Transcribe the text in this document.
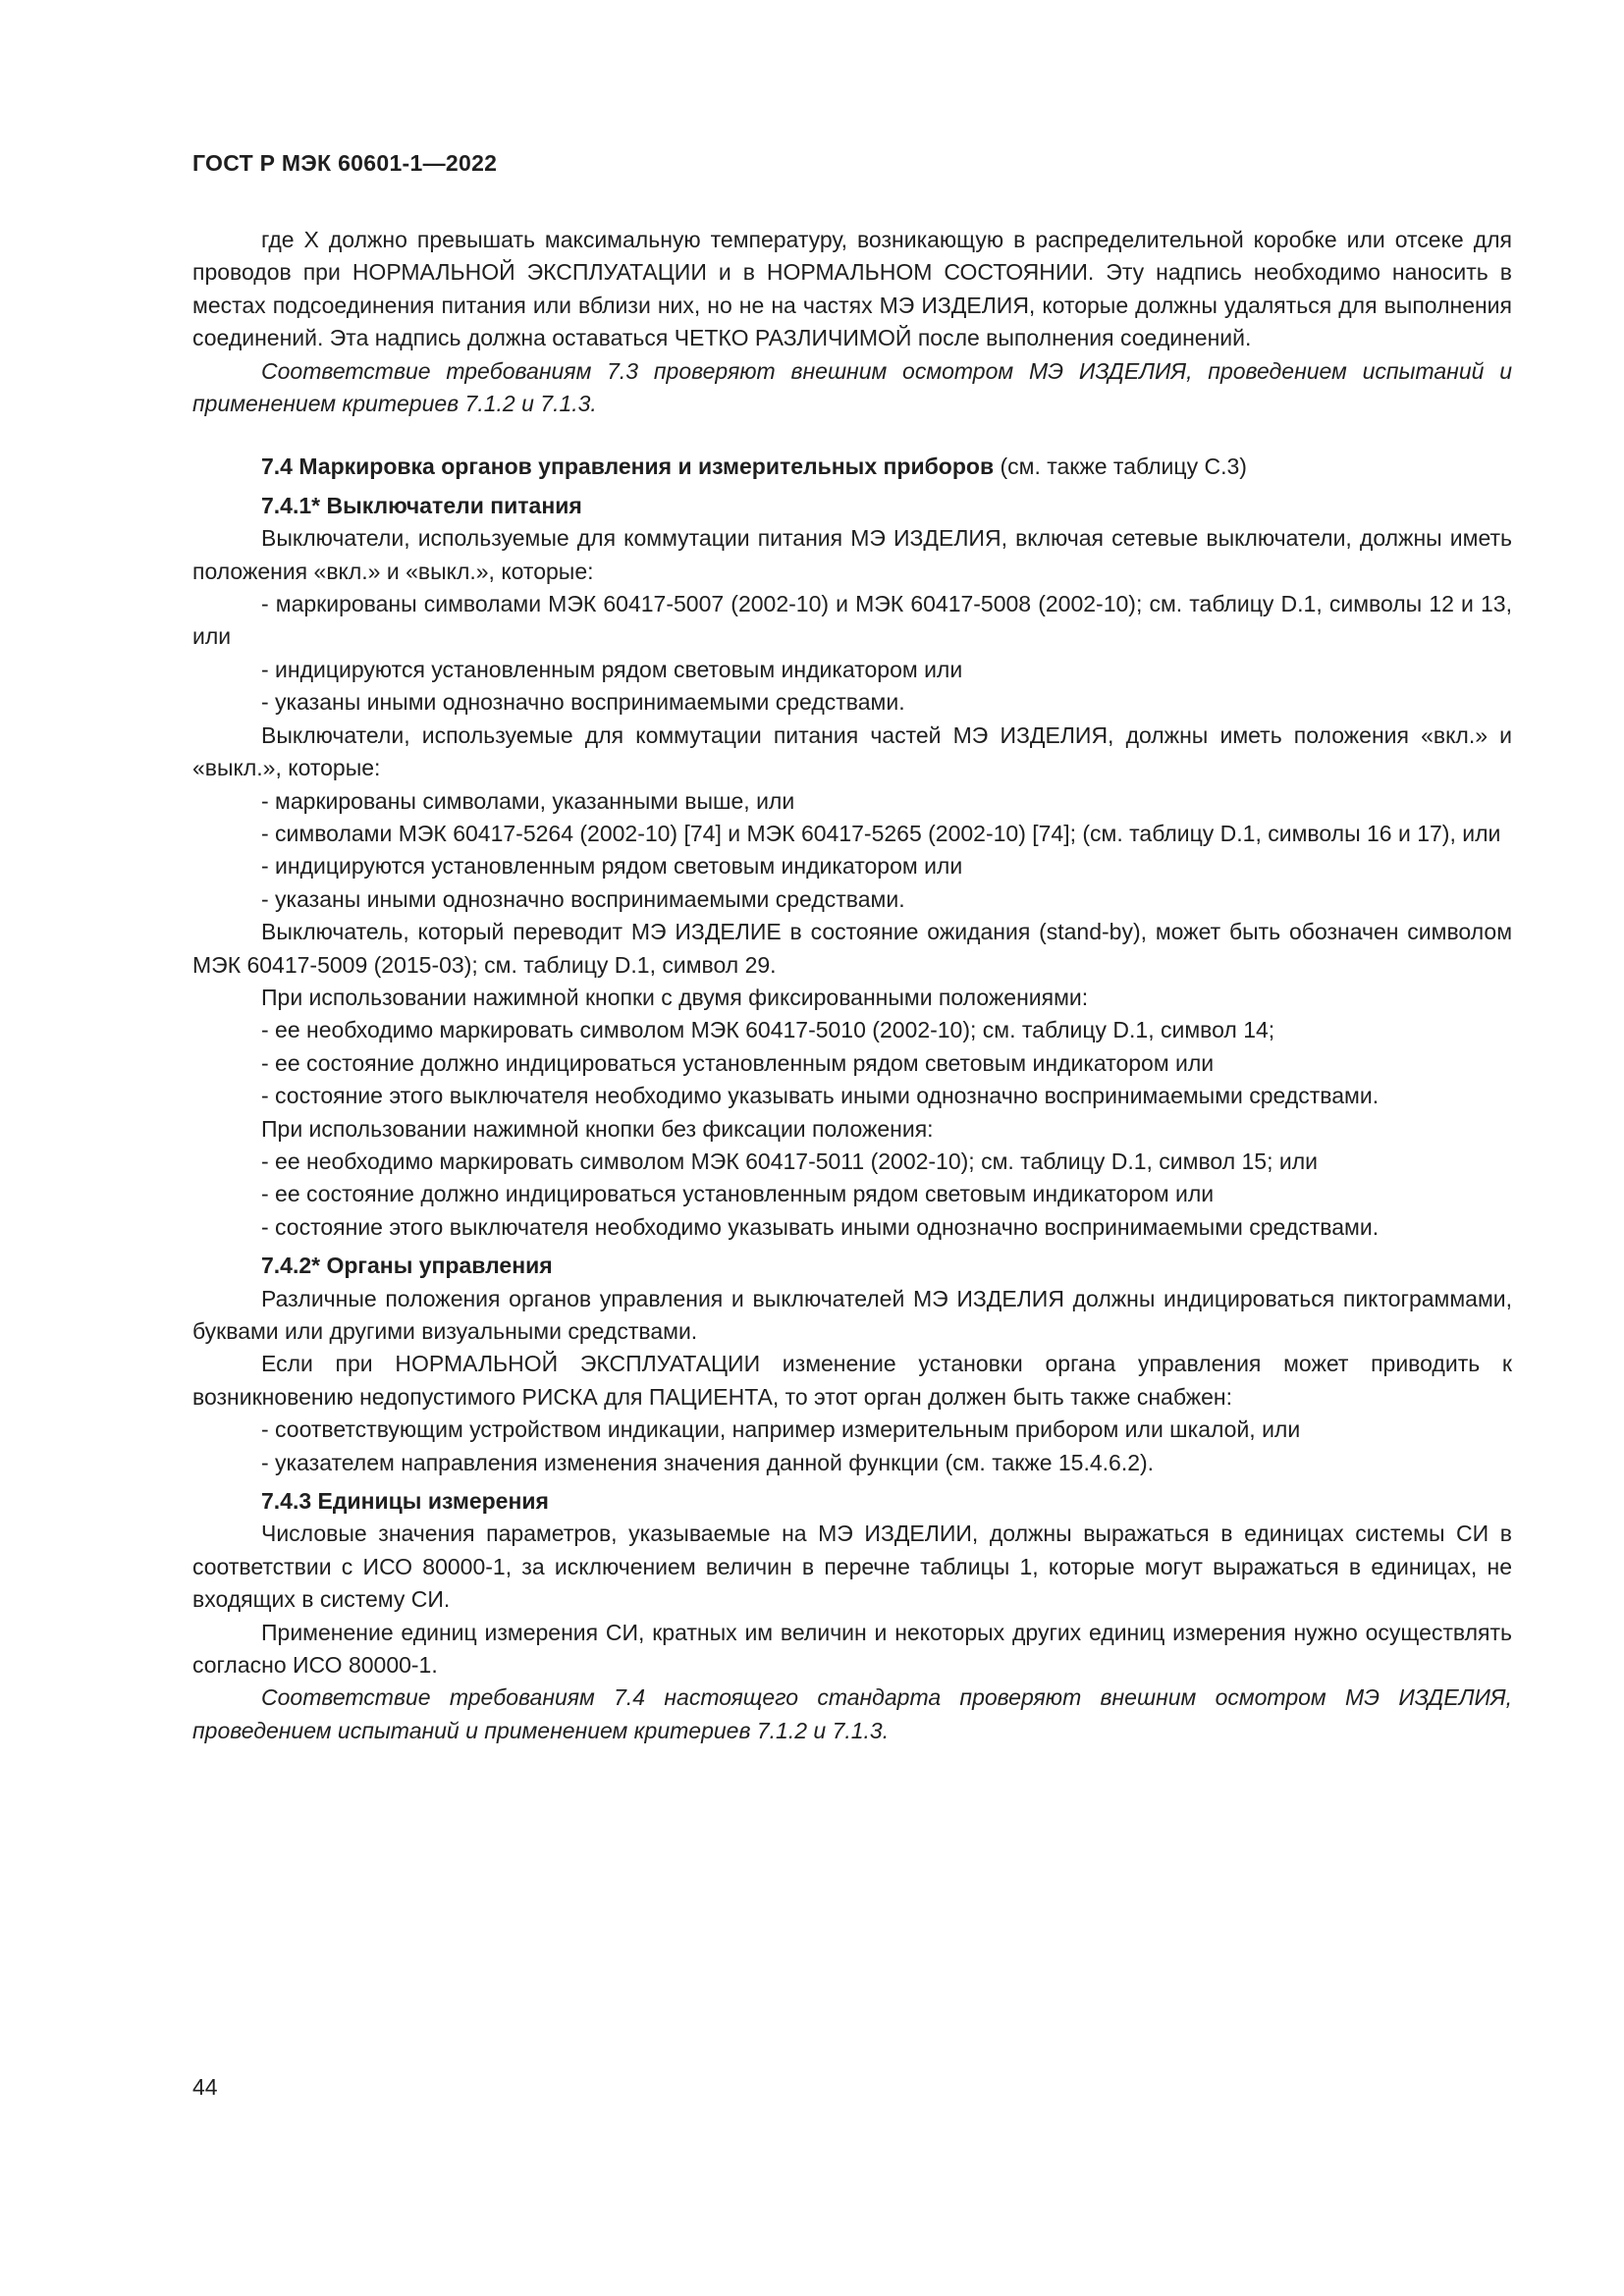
ГОСТ Р МЭК 60601-1—2022

где X должно превышать максимальную температуру, возникающую в распределительной коробке или отсеке для проводов при НОРМАЛЬНОЙ ЭКСПЛУАТАЦИИ и в НОРМАЛЬНОМ СОСТОЯНИИ. Эту надпись необходимо наносить в местах подсоединения питания или вблизи них, но не на частях МЭ ИЗДЕЛИЯ, которые должны удаляться для выполнения соединений. Эта надпись должна оставаться ЧЕТКО РАЗЛИЧИМОЙ после выполнения соединений.

Соответствие требованиям 7.3 проверяют внешним осмотром МЭ ИЗДЕЛИЯ, проведением испытаний и применением критериев 7.1.2 и 7.1.3.

7.4 Маркировка органов управления и измерительных приборов (см. также таблицу С.3)
7.4.1* Выключатели питания

Выключатели, используемые для коммутации питания МЭ ИЗДЕЛИЯ, включая сетевые выключатели, должны иметь положения «вкл.» и «выкл.», которые:

- маркированы символами МЭК 60417-5007 (2002-10) и МЭК 60417-5008 (2002-10); см. таблицу D.1, символы 12 и 13, или

- индицируются установленным рядом световым индикатором или

- указаны иными однозначно воспринимаемыми средствами.

Выключатели, используемые для коммутации питания частей МЭ ИЗДЕЛИЯ, должны иметь положения «вкл.» и «выкл.», которые:

- маркированы символами, указанными выше, или

- символами МЭК 60417-5264 (2002-10) [74] и МЭК 60417-5265 (2002-10) [74]; (см. таблицу D.1, символы 16 и 17), или

- индицируются установленным рядом световым индикатором или

- указаны иными однозначно воспринимаемыми средствами.

Выключатель, который переводит МЭ ИЗДЕЛИЕ в состояние ожидания (stand-by), может быть обозначен символом МЭК 60417-5009 (2015-03); см. таблицу D.1, символ 29.

При использовании нажимной кнопки с двумя фиксированными положениями:

- ее необходимо маркировать символом МЭК 60417-5010 (2002-10); см. таблицу D.1, символ 14;

- ее состояние должно индицироваться установленным рядом световым индикатором или

- состояние этого выключателя необходимо указывать иными однозначно воспринимаемыми средствами.

При использовании нажимной кнопки без фиксации положения:

- ее необходимо маркировать символом МЭК 60417-5011 (2002-10); см. таблицу D.1, символ 15; или

- ее состояние должно индицироваться установленным рядом световым индикатором или

- состояние этого выключателя необходимо указывать иными однозначно воспринимаемыми средствами.

7.4.2* Органы управления

Различные положения органов управления и выключателей МЭ ИЗДЕЛИЯ должны индицироваться пиктограммами, буквами или другими визуальными средствами.

Если при НОРМАЛЬНОЙ ЭКСПЛУАТАЦИИ изменение установки органа управления может приводить к возникновению недопустимого РИСКА для ПАЦИЕНТА, то этот орган должен быть также снабжен:

- соответствующим устройством индикации, например измерительным прибором или шкалой, или

- указателем направления изменения значения данной функции (см. также 15.4.6.2).

7.4.3 Единицы измерения

Числовые значения параметров, указываемые на МЭ ИЗДЕЛИИ, должны выражаться в единицах системы СИ в соответствии с ИСО 80000-1, за исключением величин в перечне таблицы 1, которые могут выражаться в единицах, не входящих в систему СИ.

Применение единиц измерения СИ, кратных им величин и некоторых других единиц измерения нужно осуществлять согласно ИСО 80000-1.

Соответствие требованиям 7.4 настоящего стандарта проверяют внешним осмотром МЭ ИЗДЕЛИЯ, проведением испытаний и применением критериев 7.1.2 и 7.1.3.

44
